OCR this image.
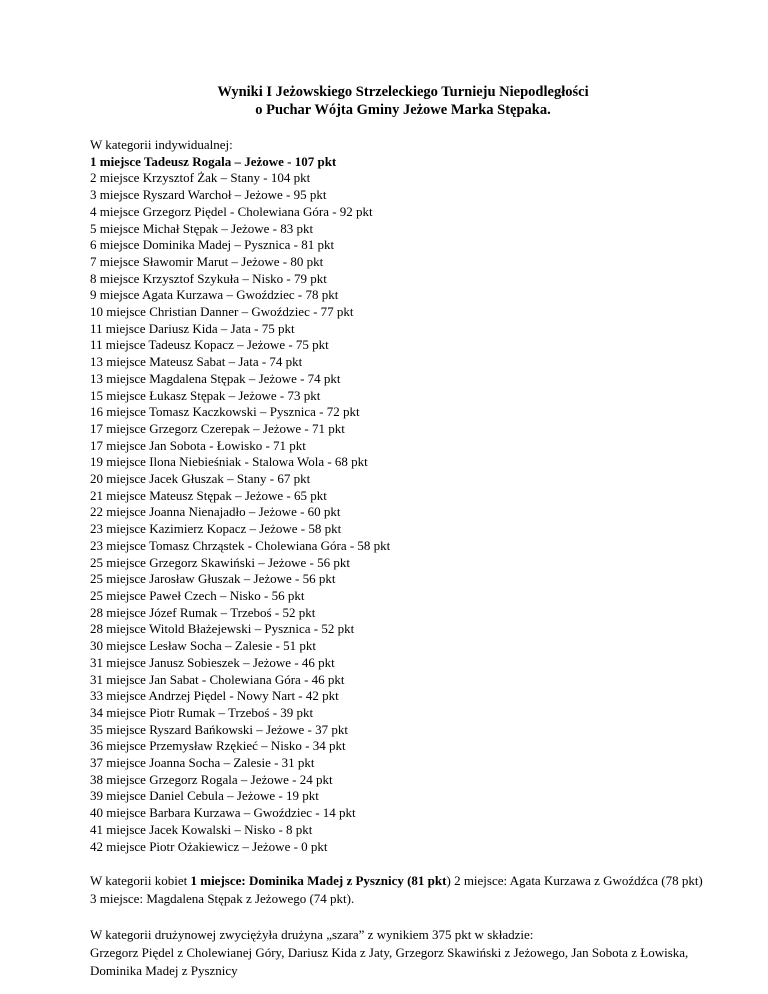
Wyniki I Jeżowskiego Strzeleckiego Turnieju Niepodległości
o Puchar Wójta Gminy Jeżowe Marka Stępaka.
W kategorii indywidualnej:
1 miejsce Tadeusz Rogala – Jeżowe - 107 pkt
2 miejsce Krzysztof Żak – Stany - 104 pkt
3 miejsce Ryszard Warchoł – Jeżowe - 95 pkt
4 miejsce Grzegorz Piędel - Cholewiana Góra - 92 pkt
5 miejsce Michał Stępak – Jeżowe - 83 pkt
6 miejsce Dominika Madej – Pysznica - 81 pkt
7 miejsce Sławomir Marut – Jeżowe - 80 pkt
8 miejsce Krzysztof Szykuła – Nisko - 79 pkt
9 miejsce Agata Kurzawa – Gwoździec - 78 pkt
10 miejsce Christian Danner – Gwoździec - 77 pkt
11 miejsce Dariusz Kida – Jata - 75 pkt
11 miejsce Tadeusz Kopacz – Jeżowe - 75 pkt
13 miejsce Mateusz Sabat – Jata - 74 pkt
13 miejsce Magdalena Stępak – Jeżowe - 74 pkt
15 miejsce Łukasz Stępak – Jeżowe - 73 pkt
16 miejsce Tomasz Kaczkowski – Pysznica - 72 pkt
17 miejsce Grzegorz Czerepak – Jeżowe - 71 pkt
17 miejsce Jan Sobota - Łowisko - 71 pkt
19 miejsce Ilona Niebieśniak - Stalowa Wola - 68 pkt
20 miejsce Jacek Głuszak – Stany - 67 pkt
21 miejsce Mateusz Stępak – Jeżowe - 65 pkt
22 miejsce Joanna Nienajadło – Jeżowe - 60 pkt
23 miejsce Kazimierz Kopacz – Jeżowe - 58 pkt
23 miejsce Tomasz Chrząstek - Cholewiana Góra - 58 pkt
25 miejsce Grzegorz Skawiński – Jeżowe - 56 pkt
25 miejsce Jarosław Głuszak – Jeżowe - 56 pkt
25 miejsce Paweł Czech – Nisko - 56 pkt
28 miejsce Józef Rumak – Trzeboś - 52 pkt
28 miejsce Witold Błażejewski – Pysznica - 52 pkt
30 miejsce Lesław Socha – Zalesie - 51 pkt
31 miejsce Janusz Sobieszek – Jeżowe - 46 pkt
31 miejsce Jan Sabat - Cholewiana Góra - 46 pkt
33 miejsce Andrzej Piędel - Nowy Nart - 42 pkt
34 miejsce Piotr Rumak – Trzeboś - 39 pkt
35 miejsce Ryszard Bańkowski – Jeżowe - 37 pkt
36 miejsce Przemysław Rzękieć – Nisko - 34 pkt
37 miejsce Joanna Socha – Zalesie - 31 pkt
38 miejsce Grzegorz Rogala – Jeżowe - 24 pkt
39 miejsce Daniel Cebula – Jeżowe - 19 pkt
40 miejsce Barbara Kurzawa – Gwoździec - 14 pkt
41 miejsce Jacek Kowalski – Nisko - 8 pkt
42 miejsce Piotr Ożakiewicz – Jeżowe - 0 pkt
W kategorii kobiet 1 miejsce: Dominika Madej z Pysznicy (81 pkt) 2 miejsce: Agata Kurzawa z Gwoźdźca (78 pkt) 3 miejsce: Magdalena Stępak z Jeżowego (74 pkt).
W kategorii drużynowej zwyciężyła drużyna „szara” z wynikiem 375 pkt w składzie:
Grzegorz Piędel z Cholewianej Góry, Dariusz Kida z Jaty, Grzegorz Skawiński z Jeżowego, Jan Sobota z Łowiska, Dominika Madej z Pysznicy
